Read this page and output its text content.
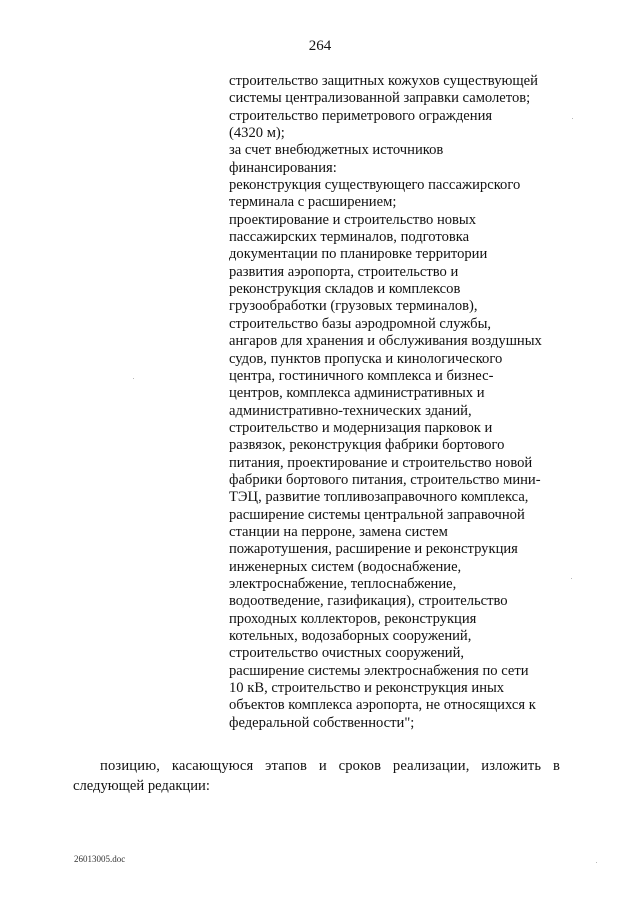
264
строительство защитных кожухов существующей
системы централизованной заправки самолетов;
строительство периметрового ограждения
(4320 м);
за счет внебюджетных источников
финансирования:
реконструкция существующего пассажирского
терминала с расширением;
проектирование и строительство новых
пассажирских терминалов, подготовка
документации по планировке территории
развития аэропорта, строительство и
реконструкция складов и комплексов
грузообработки (грузовых терминалов),
строительство базы аэродромной службы,
ангаров для хранения и обслуживания воздушных
судов, пунктов пропуска и кинологического
центра, гостиничного комплекса и бизнес-
центров, комплекса административных и
административно-технических зданий,
строительство и модернизация парковок и
развязок, реконструкция фабрики бортового
питания, проектирование и строительство новой
фабрики бортового питания, строительство мини-
ТЭЦ, развитие топливозаправочного комплекса,
расширение системы центральной заправочной
станции на перроне, замена систем
пожаротушения, расширение и реконструкция
инженерных систем (водоснабжение,
электроснабжение, теплоснабжение,
водоотведение, газификация), строительство
проходных коллекторов, реконструкция
котельных, водозаборных сооружений,
строительство очистных сооружений,
расширение системы электроснабжения по сети
10 кВ, строительство и реконструкция иных
объектов комплекса аэропорта, не относящихся к
федеральной собственности";
позицию, касающуюся этапов и сроков реализации, изложить в
следующей редакции:
26013005.doc
